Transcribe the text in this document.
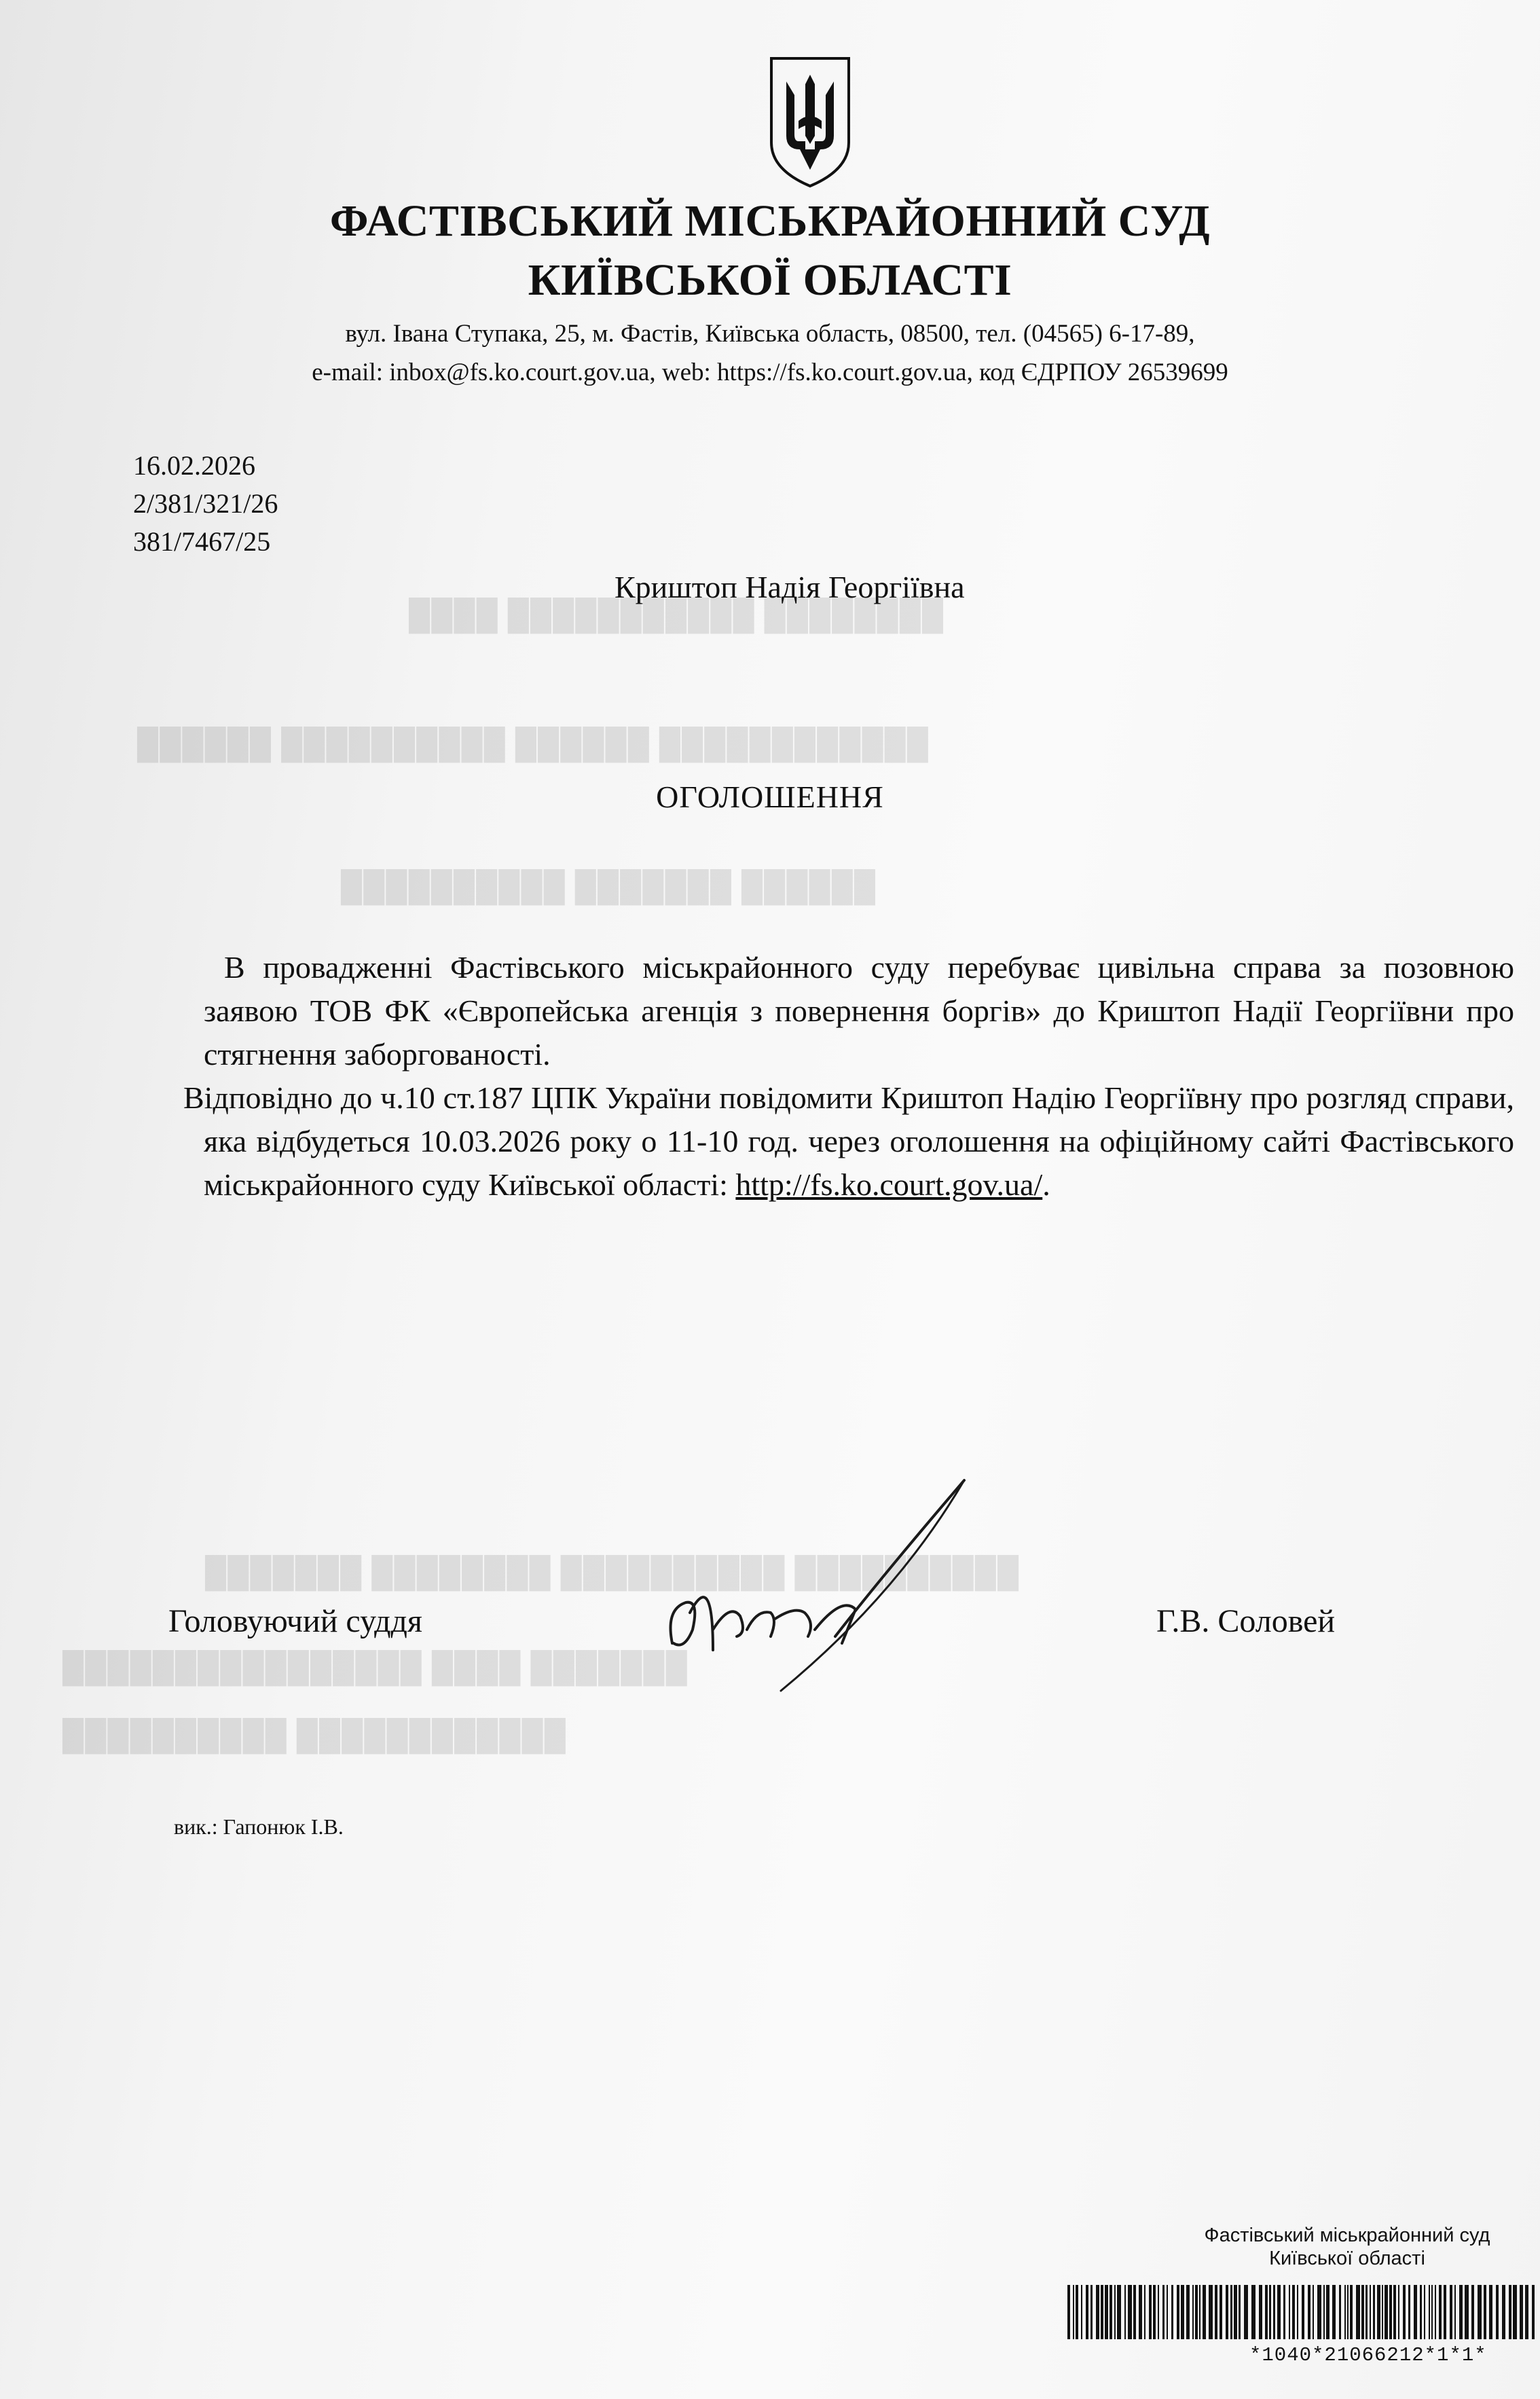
████████ ███████████ ████
████████████ ██████ ██████████ ██████
██████ ███████ ██████████
██████████ ██████████ ████████ ███████
███████ ████ ████████████████
████████████ ██████████
ФАСТІВСЬКИЙ МІСЬКРАЙОННИЙ СУД
КИЇВСЬКОЇ ОБЛАСТІ
вул. Івана Ступака, 25, м. Фастів, Київська область, 08500, тел. (04565) 6-17-89,
e-mail: inbox@fs.ko.court.gov.ua, web: https://fs.ko.court.gov.ua, код ЄДРПОУ 26539699
16.02.2026
2/381/321/26
381/7467/25
Криштоп Надія Георгіївна
ОГОЛОШЕННЯ

В провадженні Фастівського міськрайонного суду перебуває цивільна справа за позовною заявою ТОВ ФК «Європейська агенція з повернення боргів» до Криштоп Надії Георгіївни про стягнення заборгованості.

Відповідно до ч.10 ст.187 ЦПК України повідомити Криштоп Надію Георгіївну про розгляд справи, яка відбудеться 10.03.2026 року о 11-10 год. через оголошення на офіційному сайті Фастівського міськрайонного суду Київської області: http://fs.ko.court.gov.ua/.

Головуючий суддя	Г.В. Соловей
вик.: Гапонюк І.В.
Фастівський міськрайонний суд
Київської області
*1040*21066212*1*1*
